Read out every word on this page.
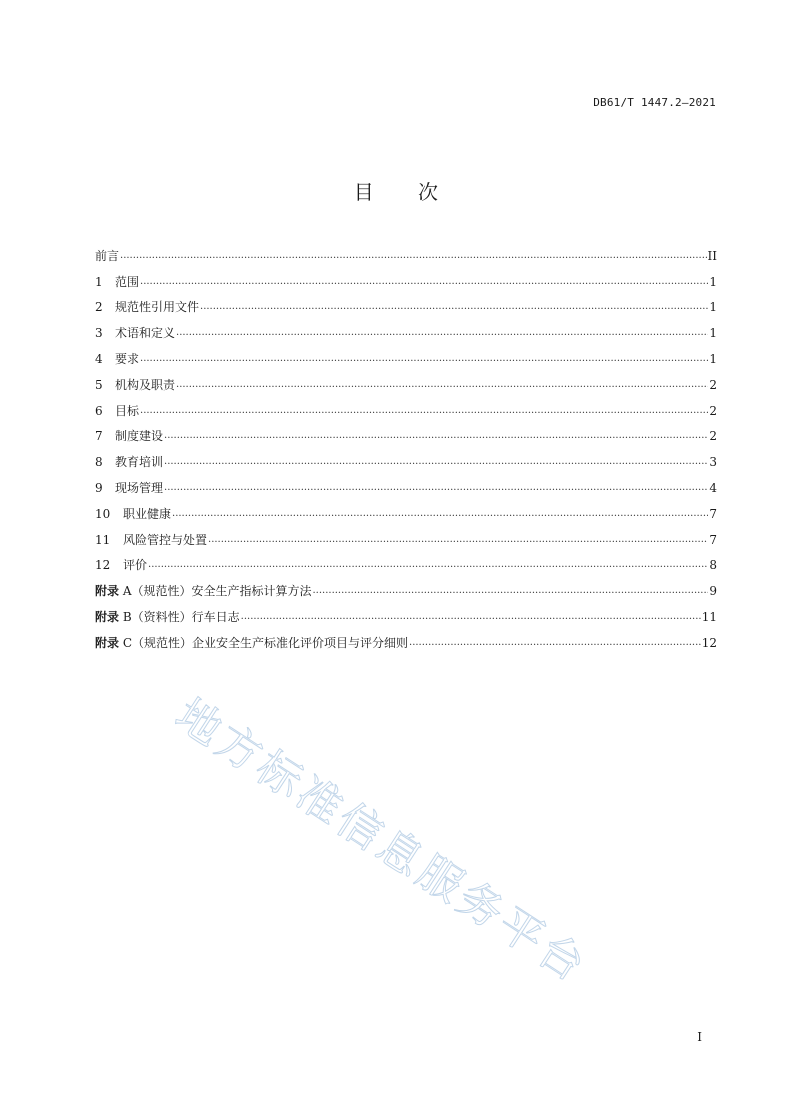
DB61/T 1447.2—2021
目 次
前言 .....	II
1	范围 .....	1
2	规范性引用文件 .....	1
3	术语和定义 .....	1
4	要求 .....	1
5	机构及职责 .....	2
6	目标 .....	2
7	制度建设 .....	2
8	教育培训 .....	3
9	现场管理 .....	4
10	职业健康 .....	7
11	风险管控与处置 .....	7
12	评价 .....	8
附录 A（规范性）安全生产指标计算方法 .....	9
附录 B（资料性）行车日志 .....	11
附录 C（规范性）企业安全生产标准化评价项目与评分细则 .....	12
地方标准信息服务平台
I
